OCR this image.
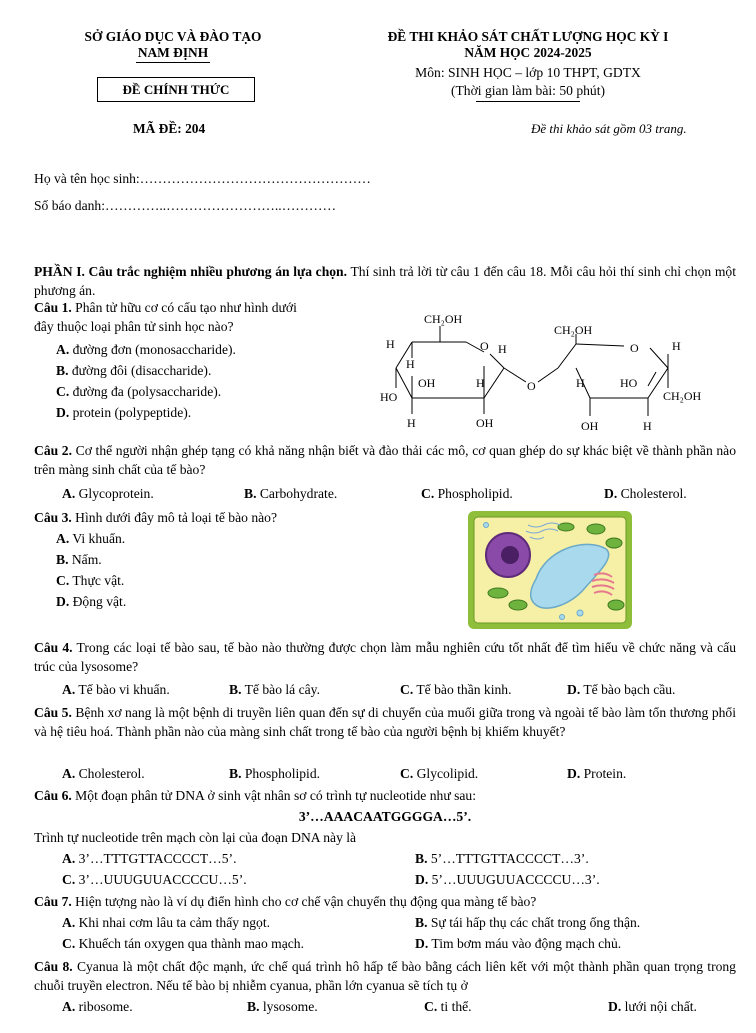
SỞ GIÁO DỤC VÀ ĐÀO TẠO
NAM ĐỊNH
ĐỀ CHÍNH THỨC
MÃ ĐỀ: 204
ĐỀ THI KHẢO SÁT CHẤT LƯỢNG HỌC KỲ I
NĂM HỌC 2024-2025
Môn: SINH HỌC – lớp 10 THPT, GDTX
(Thời gian làm bài: 50 phút)
Đề thi khảo sát gồm 03 trang.
Họ và tên học sinh:……………………………………………
Số báo danh:…………..……………………..…………
PHẦN I. Câu trắc nghiệm nhiều phương án lựa chọn. Thí sinh trả lời từ câu 1 đến câu 18. Mỗi câu hỏi thí sinh chỉ chọn một phương án.
Câu 1. Phân tử hữu cơ có cấu tạo như hình dưới
đây thuộc loại phân tử sinh học nào?
A. đường đơn (monosaccharide).
B. đường đôi (disaccharide).
C. đường đa (polysaccharide).
D. protein (polypeptide).
CH₂OH
H
H
O H
OH	H
HO
H	OH
O
CH₂OH
O	H
H	HO
CH₂OH
OH	H
Câu 2. Cơ thể người nhận ghép tạng có khả năng nhận biết và đào thải các mô, cơ quan ghép do sự khác biệt về thành phần nào trên màng sinh chất của tế bào?
A. Glycoprotein.	B. Carbohydrate.	C. Phospholipid.	D. Cholesterol.
Câu 3. Hình dưới đây mô tả loại tế bào nào?
A. Vi khuẩn.
B. Nấm.
C. Thực vật.
D. Động vật.
Câu 4. Trong các loại tế bào sau, tế bào nào thường được chọn làm mẫu nghiên cứu tốt nhất để tìm hiểu về chức năng và cấu trúc của lysosome?
A. Tế bào vi khuẩn.	B. Tế bào lá cây.	C. Tế bào thần kinh.	D. Tế bào bạch cầu.
Câu 5. Bệnh xơ nang là một bệnh di truyền liên quan đến sự di chuyển của muối giữa trong và ngoài tế bào làm tổn thương phổi và hệ tiêu hoá. Thành phần nào của màng sinh chất trong tế bào của người bệnh bị khiếm khuyết?
A. Cholesterol.	B. Phospholipid.	C. Glycolipid.	D. Protein.
Câu 6. Một đoạn phân tử DNA ở sinh vật nhân sơ có trình tự nucleotide như sau:
3’…AAACAATGGGGA…5’.
Trình tự nucleotide trên mạch còn lại của đoạn DNA này là
A. 3’…TTTGTTACCCCT…5’.	B. 5’…TTTGTTACCCCT…3’.
C. 3’…UUUGUUACCCCU…5’.	D. 5’…UUUGUUACCCCU…3’.
Câu 7. Hiện tượng nào là ví dụ điển hình cho cơ chế vận chuyển thụ động qua màng tế bào?
A. Khi nhai cơm lâu ta cảm thấy ngọt.	B. Sự tái hấp thụ các chất trong ống thận.
C. Khuếch tán oxygen qua thành mao mạch.	D. Tim bơm máu vào động mạch chủ.
Câu 8. Cyanua là một chất độc mạnh, ức chế quá trình hô hấp tế bào bằng cách liên kết với một thành phần quan trọng trong chuỗi truyền electron. Nếu tế bào bị nhiễm cyanua, phần lớn cyanua sẽ tích tụ ở
A. ribosome.	B. lysosome.	C. ti thể.	D. lưới nội chất.
